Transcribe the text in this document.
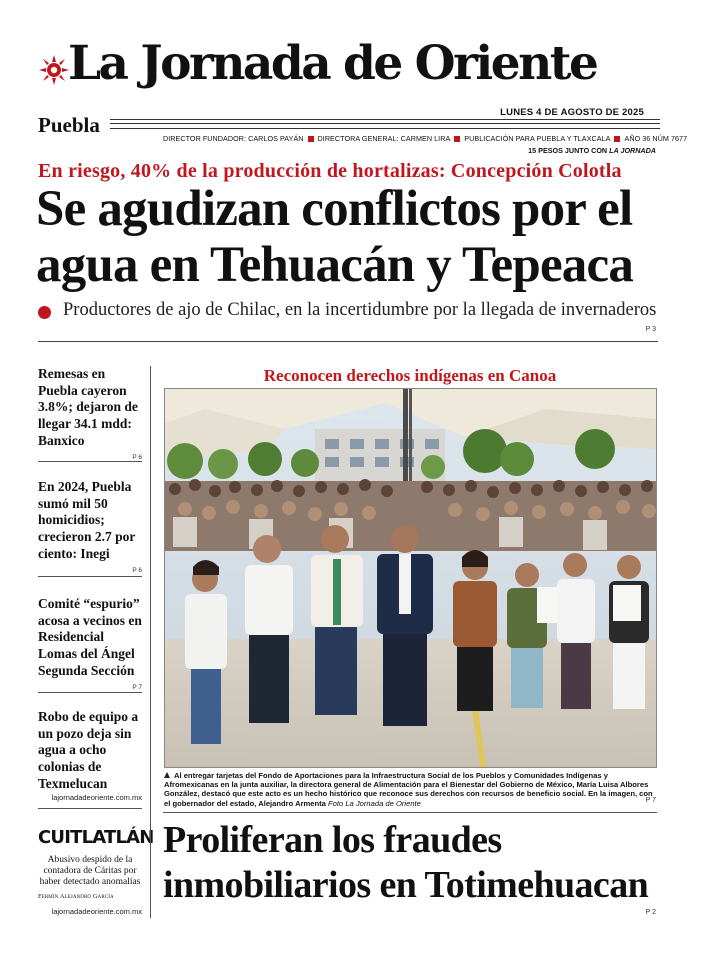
La Jornada de Oriente
Puebla
LUNES 4 DE AGOSTO DE 2025
DIRECTOR FUNDADOR: CARLOS PAYÁN DIRECTORA GENERAL: CARMEN LIRA PUBLICACIÓN PARA PUEBLA Y TLAXCALA AÑO 36 NÚM 7677
15 PESOS JUNTO CON LA JORNADA
En riesgo, 40% de la producción de hortalizas: Concepción Colotla
Se agudizan conflictos por el
agua en Tehuacán y Tepeaca
Productores de ajo de Chilac, en la incertidumbre por la llegada de invernaderos
P 3
Remesas en Puebla cayeron 3.8%; dejaron de llegar 34.1 mdd: Banxico
P 6
En 2024, Puebla sumó mil 50 homicidios; crecieron 2.7 por ciento: Inegi
P 6
Comité “espurio” acosa a vecinos en Residencial Lomas del Ángel Segunda Sección
P 7
Robo de equipo a un pozo deja sin agua a ocho colonias de Texmelucan
lajornadadeoriente.com.mx
CUITLATLÁN
Abusivo despido de la contadora de Cáritas por haber detectado anomalías
Fermín Alejandro García
lajornadadeoriente.com.mx
Reconocen derechos indígenas en Canoa
Al entregar tarjetas del Fondo de Aportaciones para la Infraestructura Social de los Pueblos y Comunidades Indígenas y Afromexicanas en la junta auxiliar, la directora general de Alimentación para el Bienestar del Gobierno de México, María Luisa Albores González, destacó que este acto es un hecho histórico que reconoce sus derechos con recursos de beneficio social. En la imagen, con el gobernador del estado, Alejandro Armenta Foto La Jornada de Oriente	P 7
Proliferan los fraudes
inmobiliarios en Totimehuacan
P 2
